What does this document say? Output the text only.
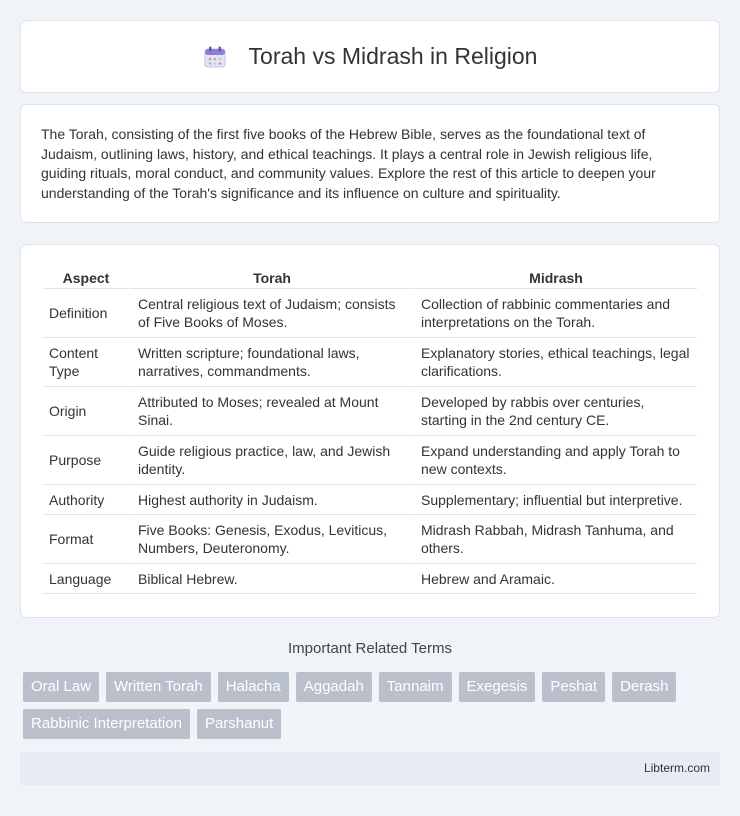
Torah vs Midrash in Religion

The Torah, consisting of the first five books of the Hebrew Bible, serves as the foundational text of Judaism, outlining laws, history, and ethical teachings. It plays a central role in Jewish religious life, guiding rituals, moral conduct, and community values. Explore the rest of this article to deepen your understanding of the Torah's significance and its influence on culture and spirituality.

Aspect	Torah	Midrash
Definition	Central religious text of Judaism; consists of Five Books of Moses.	Collection of rabbinic commentaries and interpretations on the Torah.
Content Type	Written scripture; foundational laws, narratives, commandments.	Explanatory stories, ethical teachings, legal clarifications.
Origin	Attributed to Moses; revealed at Mount Sinai.	Developed by rabbis over centuries, starting in the 2nd century CE.
Purpose	Guide religious practice, law, and Jewish identity.	Expand understanding and apply Torah to new contexts.
Authority	Highest authority in Judaism.	Supplementary; influential but interpretive.
Format	Five Books: Genesis, Exodus, Leviticus, Numbers, Deuteronomy.	Midrash Rabbah, Midrash Tanhuma, and others.
Language	Biblical Hebrew.	Hebrew and Aramaic.
Important Related Terms
Oral Law	Written Torah	Halacha	Aggadah	Tannaim	Exegesis	Peshat	Derash
Rabbinic Interpretation	Parshanut
Libterm.com
